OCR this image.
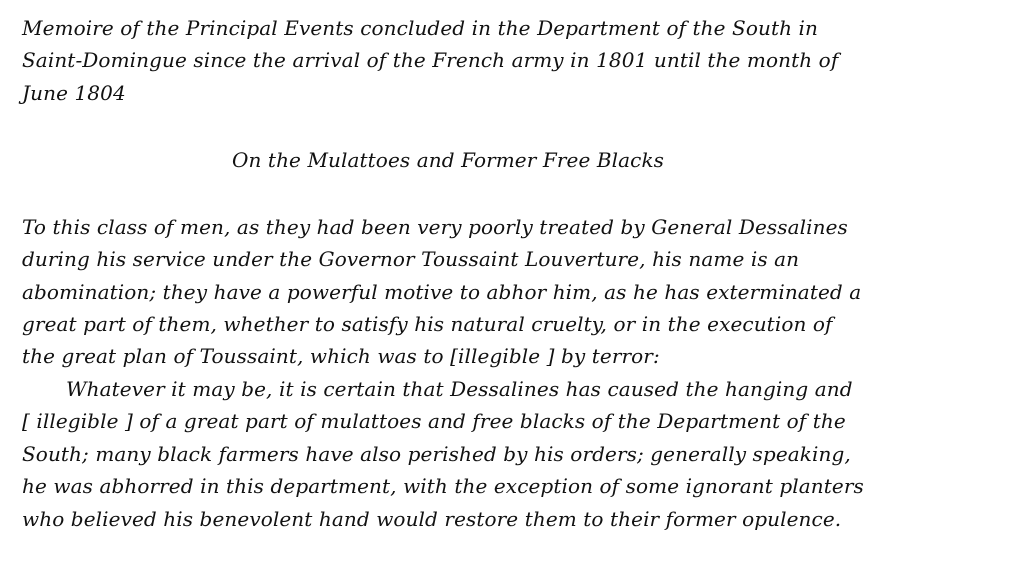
Memoire of the Principal Events concluded in the Department of the South in
Saint-Domingue since the arrival of the French army in 1801 until the month of
June 1804
On the Mulattoes and Former Free Blacks
To this class of men, as they had been very poorly treated by General Dessalines
during his service under the Governor Toussaint Louverture, his name is an
abomination; they have a powerful motive to abhor him, as he has exterminated a
great part of them, whether to satisfy his natural cruelty, or in the execution of
the great plan of Toussaint, which was to [illegible ] by terror:
Whatever it may be, it is certain that Dessalines has caused the hanging and
[ illegible ] of a great part of mulattoes and free blacks of the Department of the
South; many black farmers have also perished by his orders; generally speaking,
he was abhorred in this department, with the exception of some ignorant planters
who believed his benevolent hand would restore them to their former opulence.
